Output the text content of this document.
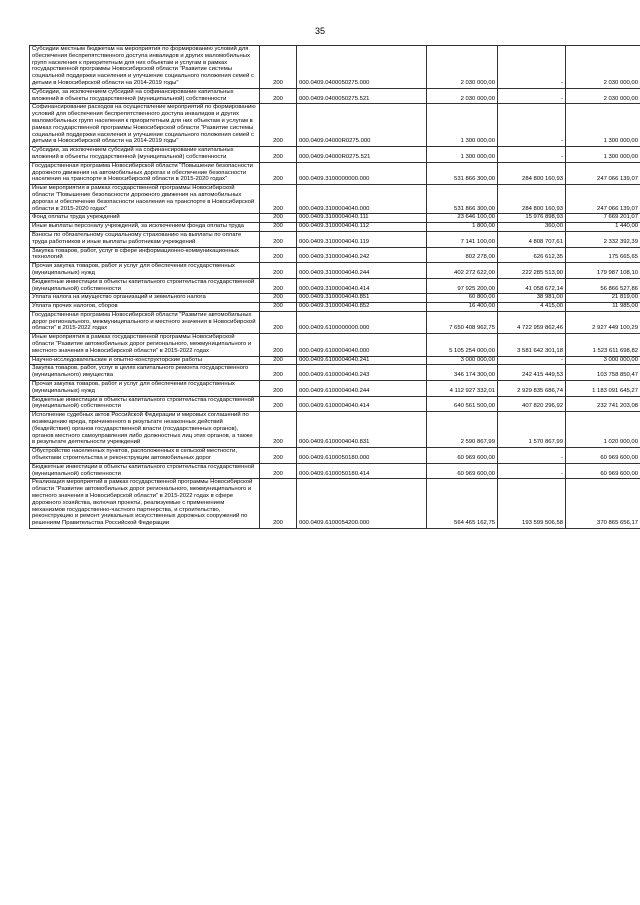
35
Субсидии местным бюджетам на мероприятия по формированию условий для обеспечения беспрепятственного доступа инвалидов и других маломобильных групп населения к приоритетным для них объектам и услугам в рамках государственной программы Новосибирской области "Развитие системы социальной поддержки населения и улучшение социального положения семей с детьми в Новосибирской области на 2014-2019 годы"	200	000.0409.0400050275.000	2 030 000,00	-	2 030 000,00
Субсидии, за исключением субсидий на софинансирование капитальных вложений в объекты государственной (муниципальной) собственности	200	000.0409.0400050275.521	2 030 000,00	-	2 030 000,00
Софинансирование расходов на осуществление мероприятий по формированию условий для обеспечения беспрепятственного доступа инвалидов и других маломобильных групп населения к приоритетным для них объектам и услугам в рамках государственной программы Новосибирской области "Развитие системы социальной поддержки населения и улучшение социального положения семей с детьми в Новосибирской области на 2014-2019 годы"	200	000.0409.04000R0275.000	1 300 000,00	-	1 300 000,00
Субсидии, за исключением субсидий на софинансирование капитальных вложений в объекты государственной (муниципальной) собственности	200	000.0409.04000R0275.521	1 300 000,00	-	1 300 000,00
Государственная программа Новосибирской области "Повышение безопасности дорожного движения на автомобильных дорогах и обеспечение безопасности населения на транспорте в Новосибирской области в 2015-2020 годах"	200	000.0409.3100000000.000	531 866 300,00	284 800 160,93	247 066 139,07
Иные мероприятия в рамках государственной программы Новосибирской области "Повышение безопасности дорожного движения на автомобильных дорогах и обеспечение безопасности населения на транспорте в Новосибирской области в 2015-2020 годах"	200	000.0409.3100004040.000	531 866 300,00	284 800 160,93	247 066 139,07
Фонд оплаты труда учреждений	200	000.0409.3100004040.111	23 646 100,00	15 976 898,93	7 669 201,07
Иные выплаты персоналу учреждений, за исключением фонда оплаты труда	200	000.0409.3100004040.112	1 800,00	360,00	1 440,00
Взносы по обязательному социальному страхованию на выплаты по оплате труда работников и иные выплаты работникам учреждений	200	000.0409.3100004040.119	7 141 100,00	4 808 707,61	2 332 392,39
Закупка товаров, работ, услуг в сфере информационно-коммуникационных технологий	200	000.0409.3100004040.242	802 278,00	626 612,35	175 665,65
Прочая закупка товаров, работ и услуг для обеспечения государственных (муниципальных) нужд	200	000.0409.3100004040.244	402 272 622,00	222 285 513,90	179 987 108,10
Бюджетные инвестиции в объекты капитального строительства государственной (муниципальной) собственности	200	000.0409.3100004040.414	97 925 200,00	41 058 672,14	56 866 527,86
Уплата налога на имущество организаций и земельного налога	200	000.0409.3100004040.851	60 800,00	38 981,00	21 819,00
Уплата прочих налогов, сборов	200	000.0409.3100004040.852	16 400,00	4 415,00	11 985,00
Государственная программа Новосибирской области "Развитие автомобильных дорог регионального, межмуниципального и местного значения в Новосибирской области" в 2015-2022 годах	200	000.0409.6100000000.000	7 650 408 962,75	4 722 959 862,46	2 927 449 100,29
Иные мероприятия в рамках государственной программы Новосибирской области "Развитие автомобильных дорог регионального, межмуниципального и местного значения в Новосибирской области" в 2015-2022 годах	200	000.0409.6100004040.000	5 105 254 000,00	3 581 642 301,18	1 523 611 698,82
Научно-исследовательские и опытно-конструкторские работы	200	000.0409.6100004040.241	3 000 000,00	-	3 000 000,00
Закупка товаров, работ, услуг в целях капитального ремонта государственного (муниципального) имущества	200	000.0409.6100004040.243	346 174 300,00	242 415 449,53	103 758 850,47
Прочая закупка товаров, работ и услуг для обеспечения государственных (муниципальных) нужд	200	000.0409.6100004040.244	4 112 927 332,01	2 929 835 686,74	1 183 091 645,27
Бюджетные инвестиции в объекты капитального строительства государственной (муниципальной) собственности	200	000.0409.6100004040.414	640 561 500,00	407 820 296,92	232 741 203,08
Исполнение судебных актов Российской Федерации и мировых соглашений по возмещению вреда, причиненного в результате незаконных действий (бездействия) органов государственной власти (государственных органов), органов местного самоуправления либо должностных лиц этих органов, а также в результате деятельности учреждений	200	000.0409.6100004040.831	2 590 867,99	1 570 867,99	1 020 000,00
Обустройство населенных пунктов, расположенных в сельской местности, объектами строительства и реконструкции автомобильных дорог	200	000.0409.6100050180.000	60 969 600,00	-	60 969 600,00
Бюджетные инвестиции в объекты капитального строительства государственной (муниципальной) собственности	200	000.0409.6100050180.414	60 969 600,00	-	60 969 600,00
Реализация мероприятий в рамках государственной программы Новосибирской области "Развитие автомобильных дорог регионального, межмуниципального и местного значения в Новосибирской области" в 2015-2022 годах в сфере дорожного хозяйства, включая проекты, реализуемые с применением механизмов государственно-частного партнерства, и строительство, реконструкцию и ремонт уникальных искусственных дорожных сооружений по решениям Правительства Российской Федерации	200	000.0409.6100054200.000	564 465 162,75	193 599 506,58	370 865 656,17
